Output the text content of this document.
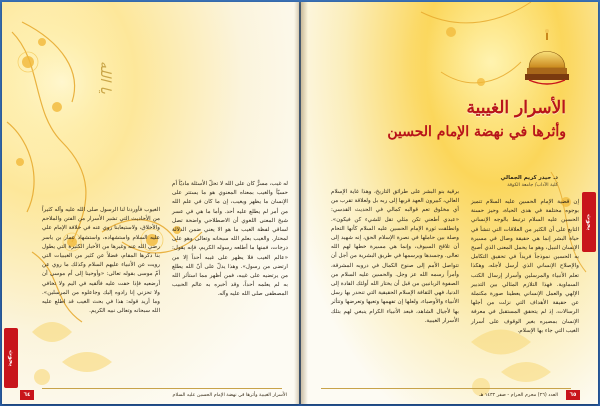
يا الله
له غيب، مسرٌّ كان على الله لا تحلّ الأسئلة ماديّاً أم حسيّاً والغيب بمعناه المعنوي هو ما يستتر على الإنسان ما يظهر ويغيب، إن ما كان في علم الله من أمر لم يطلع عليه أحد. وأما ما هي في عسر شيخ المعنى اللغوي أن الاصطلاحي واضحة تصل لساقي لفظة الغيب ما هو الا يعني ضمن الدلالة لمحتار. والغيب بعلم الله سبحانه وتعالى وهو على درجات، فمنها ما أطلعه رسوله الكريم، فإنه يقول: «عالم الغيب فلا يظهر على غيبه أحداً إلا من ارتضى من رسول». وهذا يدلّ على أنّ الله يطلع من يرتضيه على غيبه، فمن أظهر مما استأثر الله به لم يعلمه أحداً، وقد أخبره به عالم الحبيب المصطفى صلى الله عليه وآله.
الغيوب فأوردنا لنا الرسول صلى الله عليه وآله كثيراً من الأحاديث التي تشير الأسرار من الفتن والملاحم والأخلاق، ولاستيعابنا روي عنه في خلافة الإمام علي عليه السلام واستشهاده، واستشهاد عمار بن ياسر رضي الله عنه وغيرها من الأخبار الكثيرة التي يطول بنا ذكرها المقام، فضلاً عن كثير من الغيبيات التي رويت عن الأنبياء عليهم السلام وكذلك ما روي عن أمّ موسى بقوله تعالى: «وأوحينا إلى أم موسى أن أرضعيه فإذا خفت عليه فألقيه في اليم ولا تخافي ولا تحزني إنا رادوه إليك وجاعلوه من المرسلين». وما أريد قوله: هذا في بحث الغيب قد اطلع عليه الله سبحانه وتعالى نبيه الكريم.
بحوث
٦٤	الأسرار الغيبية وأثرها في نهضة الإمام الحسين عليه السلام
الأسرار الغيبية
وأثرها في نهضة الإمام الحسين
د. حيدر كريم الجمالي
كلية الآداب/ جامعة الكوفة
إن قضية الإمام الحسين عليه السلام تتميز بوجوه مختلفة في هدى الحياة، وحيز حسنة الحسين عليه السلام ترتبط بالوجه الإنساني التابع على أن الكثير من العلاقات التي تنشأ في حياة البشر إنما هي حقيقة وصال في مسيرة الإنسان النبيل، وهو ما يحمل المعنى الذي أصبح به الحسين نموذجاً فريداً في تحقيق التكامل والإصلاح الإنساني الذي أرسل لأجله، وهكذا تعلم الأنبياء والمرسلين وأسرار إرسال الكتب السماوية. فهذا التلازم المثالي بين التدبير الإلهي والعمل الإنساني يعطينا صورة مكتملة عن حقيقة الأهداف التي نزلت من أجلها الرسالات، إذ لم يتحقق المستقبل في معرفة الإنسان بمصيره بغير الوقوف على أسرار الغيب التي جاء بها الإسلام.
برقية بنو البشر على طرائق التاريخ، وهذا غاية الإسلام العالي، كبيرون العهد قربها إلى ربه بل ولعلاقة تقرب من أي مخلوق تعم قوالبه كمالي في الحديث القدسي: «عبدي أطعني تكن مثلي تقل للشيء كن فيكون». وانطلقت ثورة الإمام الحسين عليه السلام كأنها التحام وصلة بين حاملها في نصرة الإسلام الحق، إنه شهيد إلى أن تلاقح السيوف، وإنما هي مسيرة خطها لهم الله تعالى. وجسدها ويرسمها في طريق البشرية من أجل أن تتواصل الأمم إلى صنوح الكمال في دروبه المشرقة، وأمراً رسمه الله عز وجل. والحسين عليه السلام من الصفوة الربانيين من قبل أن يختار الله أولئك القادة إلى الدنيا، فهي الثقافة الإسلام الحقيقية التي تنحدر بها رسل الأنبياء والأوصياء، ولعلها إن تفهمها وتعيها وتعرضها وتتأثر بها لأجيال الشاهد، فبعد الأنبياء الكرام ينبغي لهم بتلك الأسرار الغيبية.
بحوث
٦٥
العدد (٢٦) محرم الحرام - صفر ١٤٣٢ هـ
